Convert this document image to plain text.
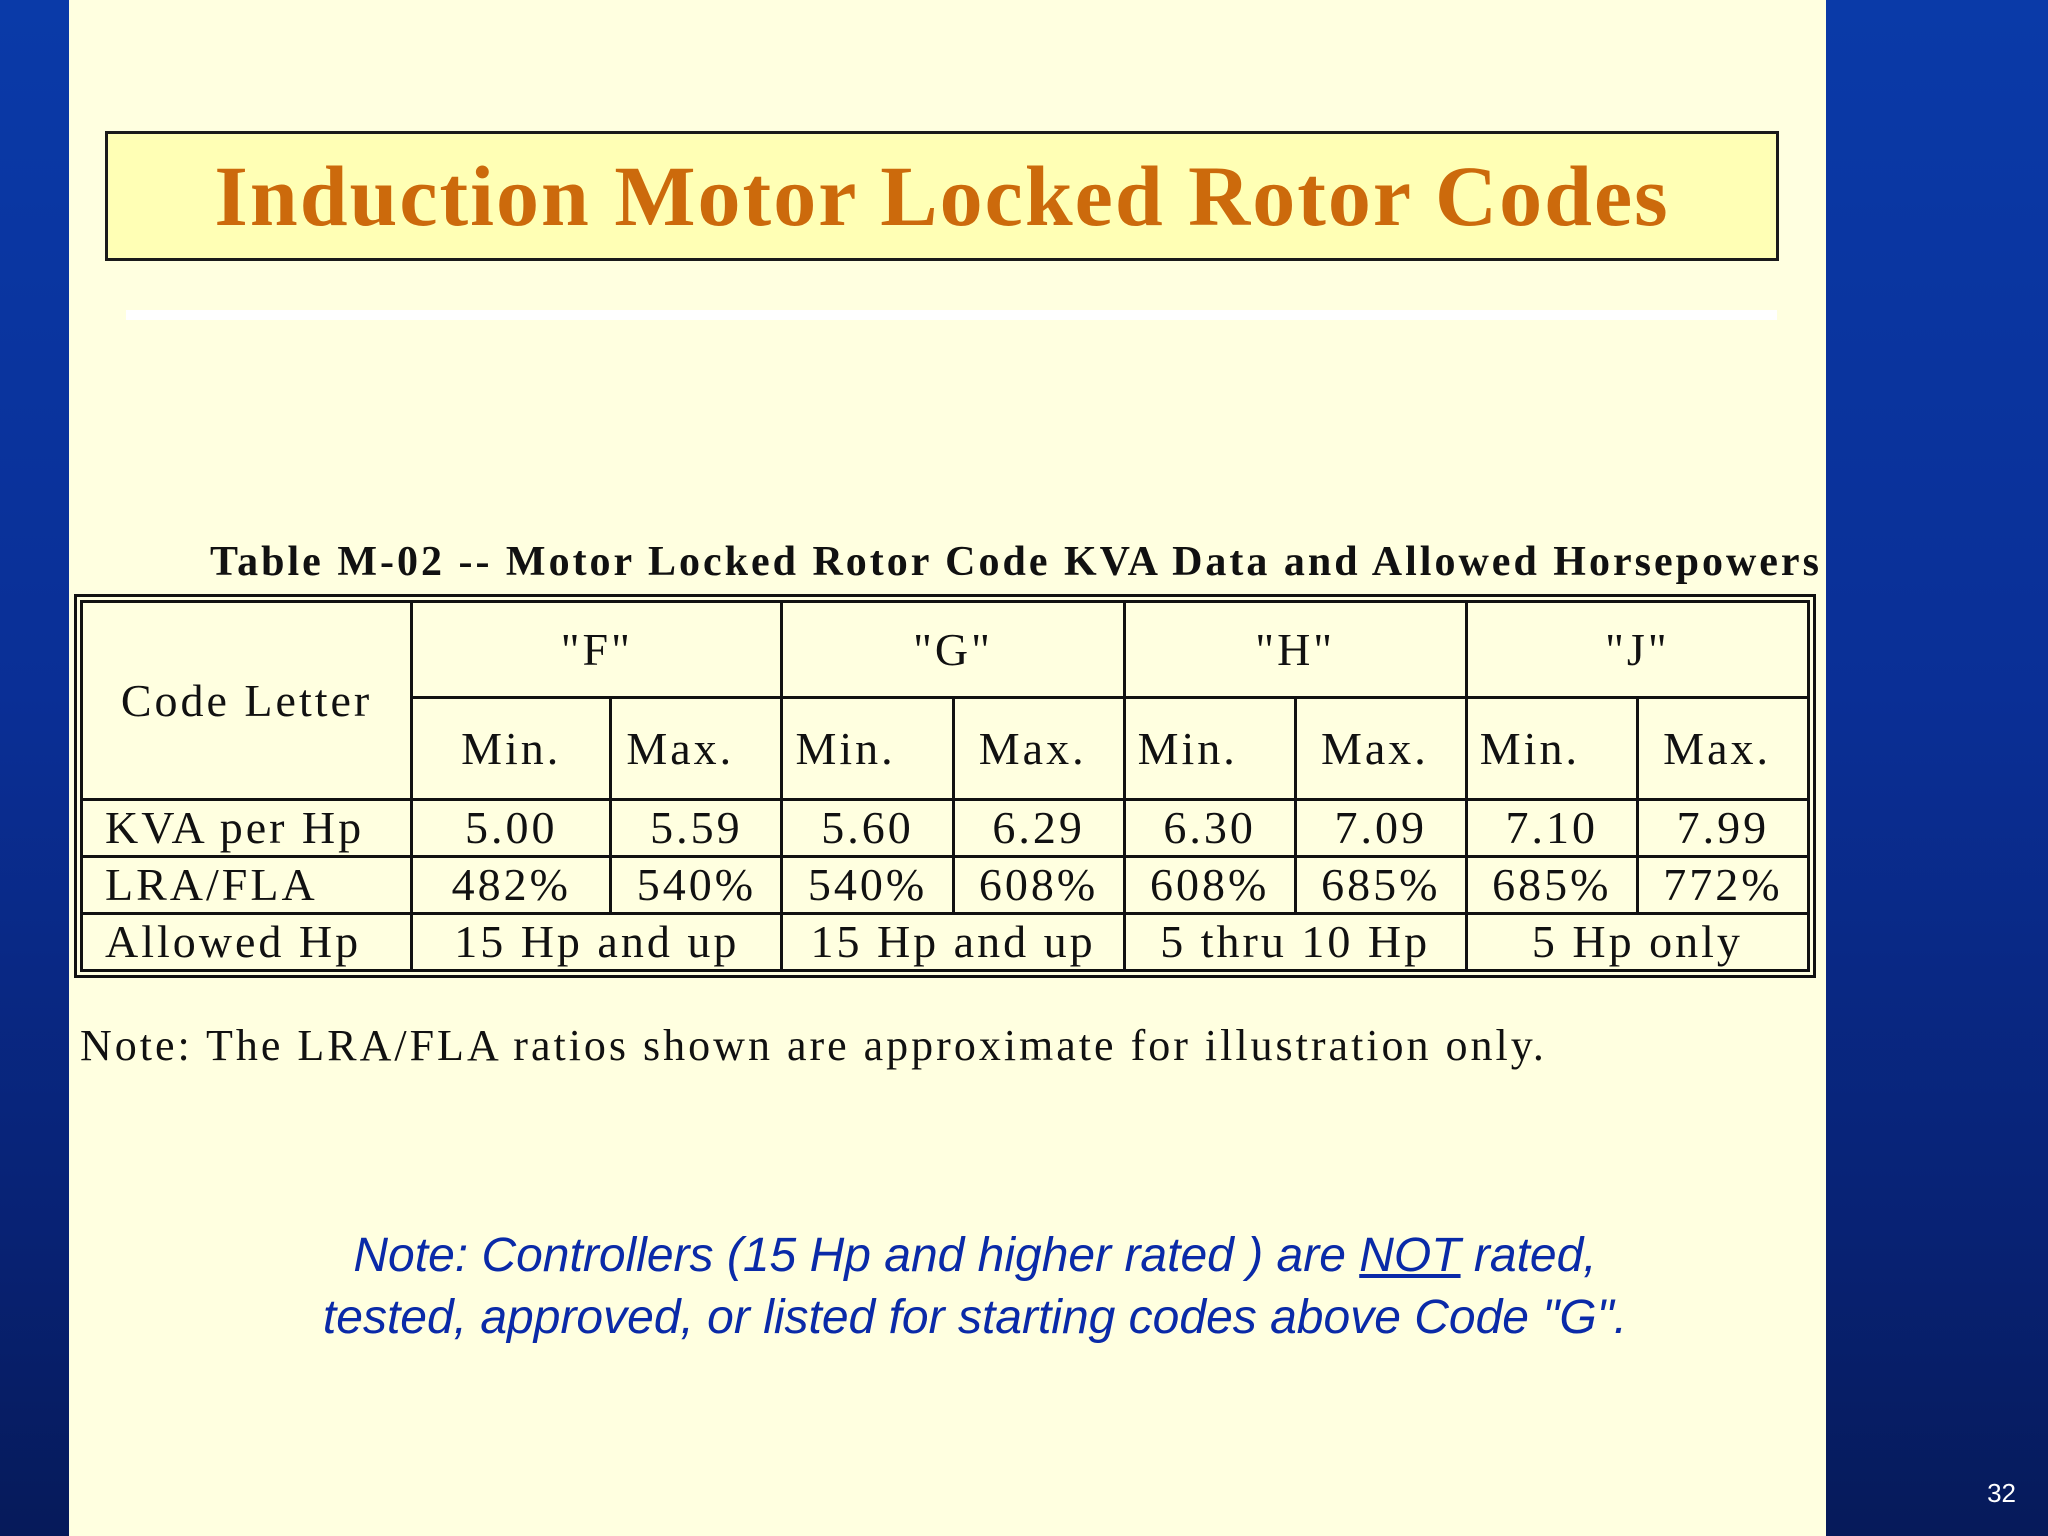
Induction Motor Locked Rotor Codes
Table M-02 -- Motor Locked Rotor Code KVA Data and Allowed Horsepowers
Code Letter	"F"		"G"		"H"		"J"	
	Min.	Max.	Min.	Max.	Min.	Max.	Min.	Max.
KVA per Hp	5.00	5.59	5.60	6.29	6.30	7.09	7.10	7.99
LRA/FLA	482%	540%	540%	608%	608%	685%	685%	772%
Allowed Hp	15 Hp and up		15 Hp and up		5 thru 10 Hp		5 Hp only	
Note: The LRA/FLA ratios shown are approximate for illustration only.
Note: Controllers (15 Hp and higher rated ) are NOT rated,
tested, approved, or listed for starting codes above Code "G".
32
